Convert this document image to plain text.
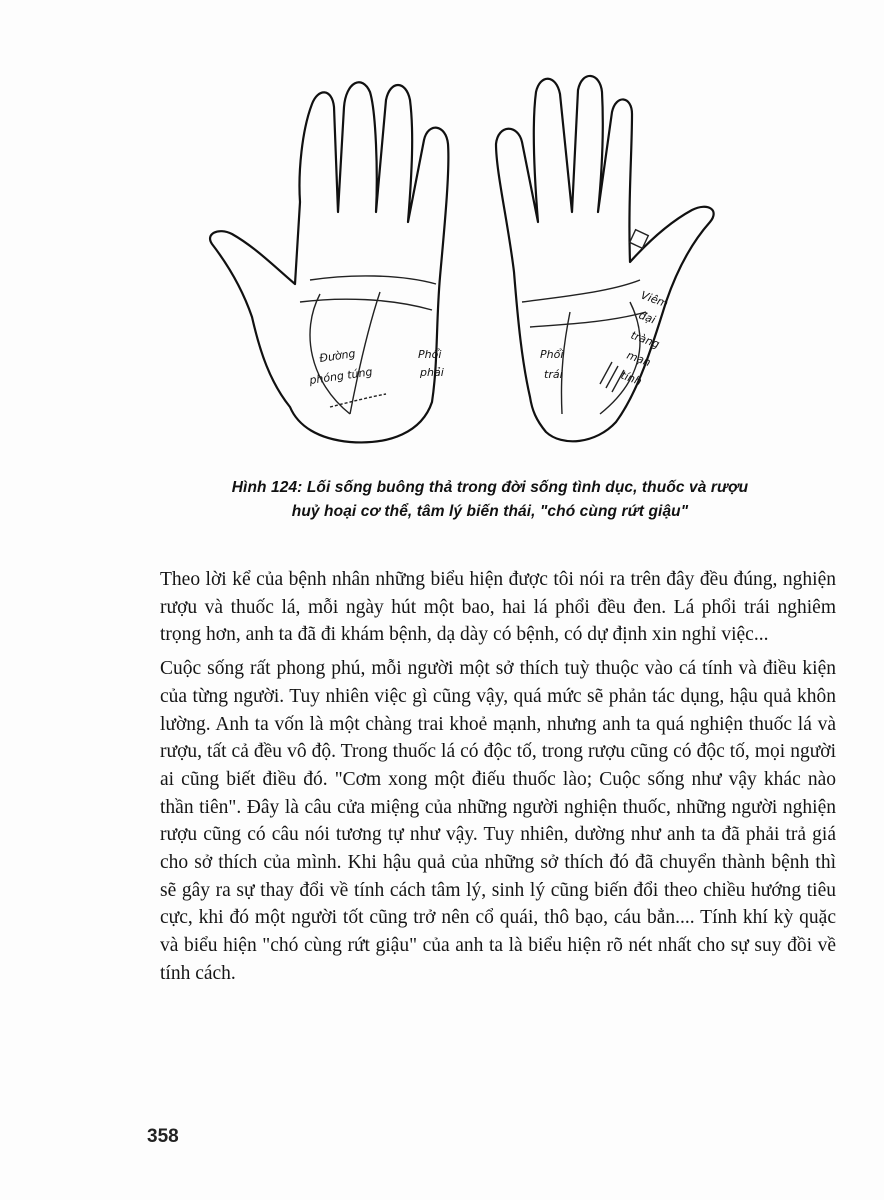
Đường
phóng túng
Phổi
phải
Phổi
trái
Viêm
đại
tràng
mạn
tính
Hình 124: Lối sống buông thả trong đời sống tình dục, thuốc và rượu
huỷ hoại cơ thể, tâm lý biến thái, "chó cùng rứt giậu"

Theo lời kể của bệnh nhân những biểu hiện được tôi nói ra trên đây đều đúng, nghiện rượu và thuốc lá, mỗi ngày hút một bao, hai lá phổi đều đen. Lá phổi trái nghiêm trọng hơn, anh ta đã đi khám bệnh, dạ dày có bệnh, có dự định xin nghỉ việc...

Cuộc sống rất phong phú, mỗi người một sở thích tuỳ thuộc vào cá tính và điều kiện của từng người. Tuy nhiên việc gì cũng vậy, quá mức sẽ phản tác dụng, hậu quả khôn lường. Anh ta vốn là một chàng trai khoẻ mạnh, nhưng anh ta quá nghiện thuốc lá và rượu, tất cả đều vô độ. Trong thuốc lá có độc tố, trong rượu cũng có độc tố, mọi người ai cũng biết điều đó. "Cơm xong một điếu thuốc lào; Cuộc sống như vậy khác nào thần tiên". Đây là câu cửa miệng của những người nghiện thuốc, những người nghiện rượu cũng có câu nói tương tự như vậy. Tuy nhiên, dường như anh ta đã phải trả giá cho sở thích của mình. Khi hậu quả của những sở thích đó đã chuyển thành bệnh thì sẽ gây ra sự thay đổi về tính cách tâm lý, sinh lý cũng biến đổi theo chiều hướng tiêu cực, khi đó một người tốt cũng trở nên cổ quái, thô bạo, cáu bẳn.... Tính khí kỳ quặc và biểu hiện "chó cùng rứt giậu" của anh ta là biểu hiện rõ nét nhất cho sự suy đồi về tính cách.

358
